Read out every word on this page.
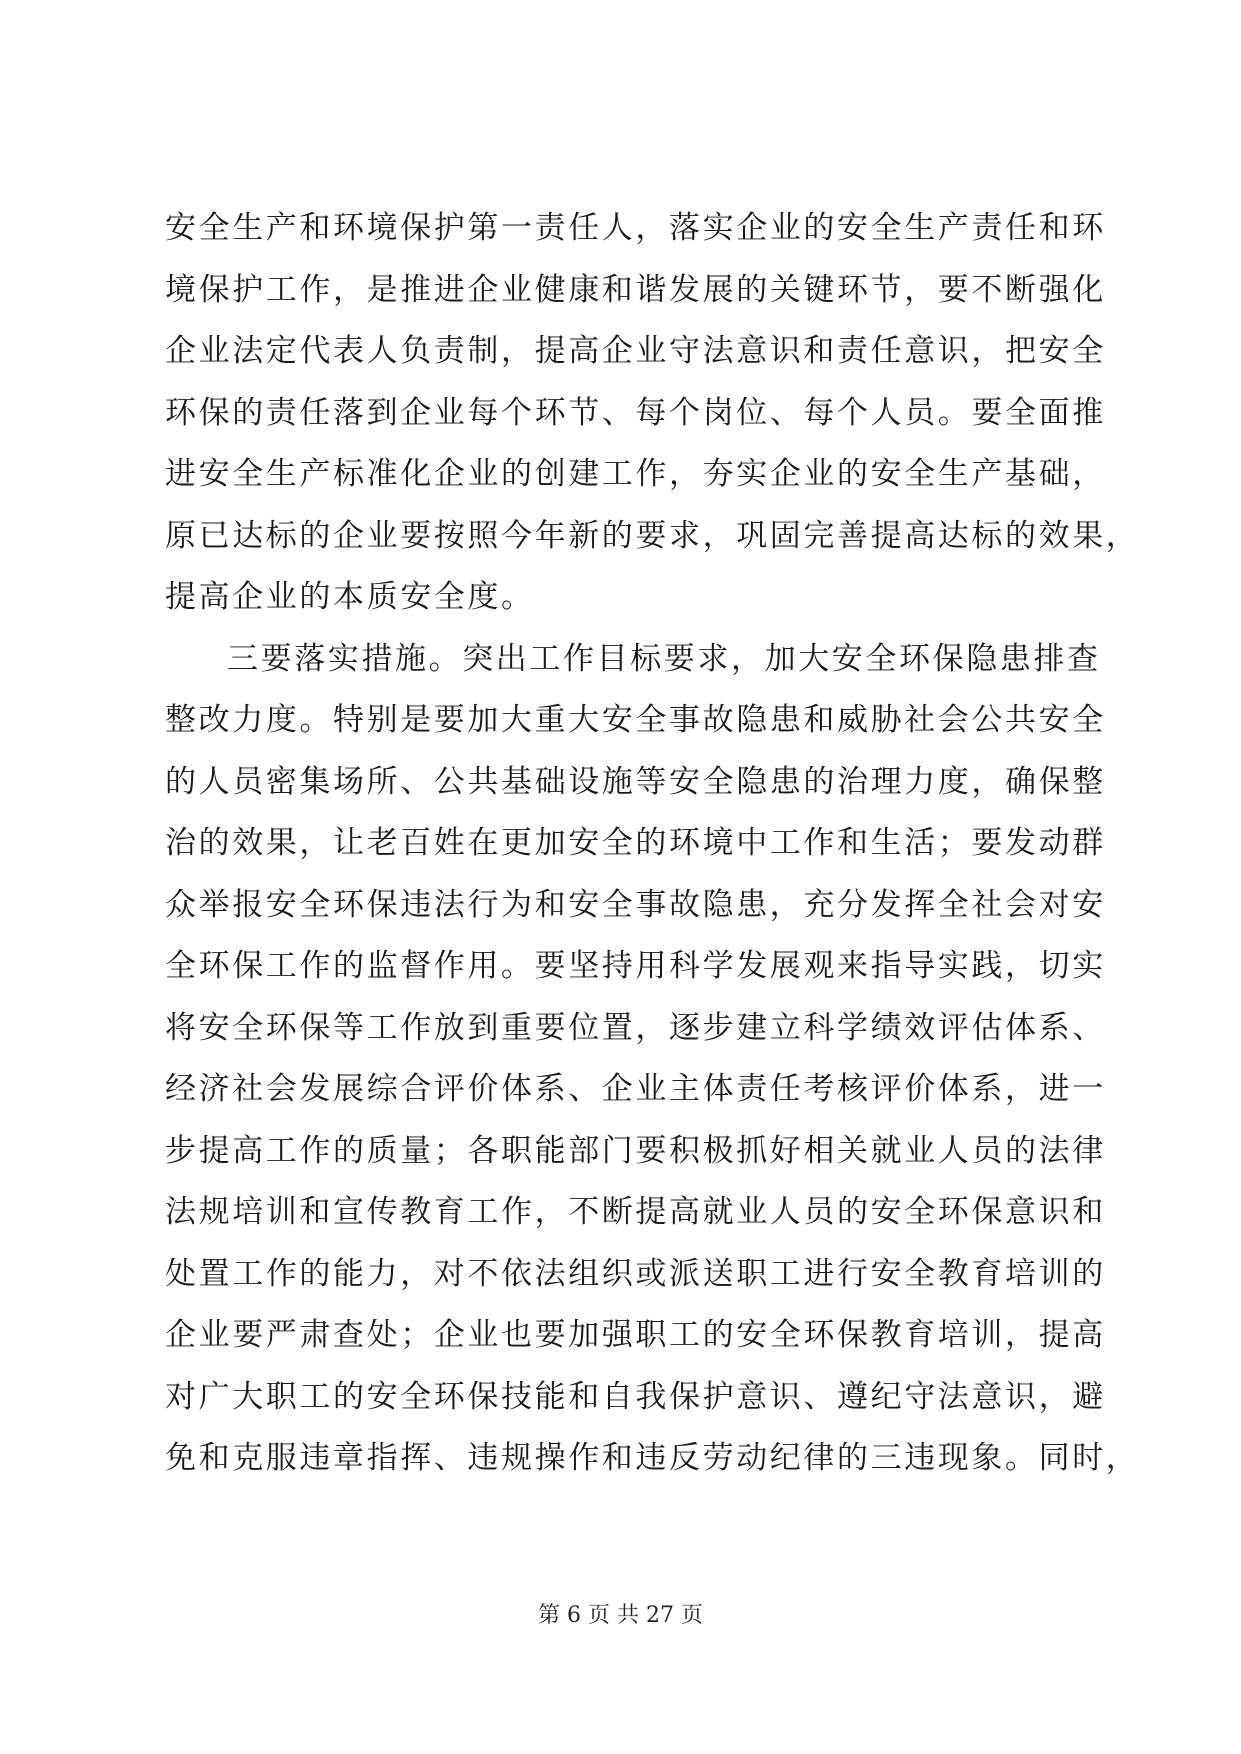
安全生产和环境保护第一责任人，落实企业的安全生产责任和环
境保护工作，是推进企业健康和谐发展的关键环节，要不断强化
企业法定代表人负责制，提高企业守法意识和责任意识，把安全
环保的责任落到企业每个环节、每个岗位、每个人员。要全面推
进安全生产标准化企业的创建工作，夯实企业的安全生产基础，
原已达标的企业要按照今年新的要求，巩固完善提高达标的效果，
提高企业的本质安全度。
三要落实措施。突出工作目标要求，加大安全环保隐患排查
整改力度。特别是要加大重大安全事故隐患和威胁社会公共安全
的人员密集场所、公共基础设施等安全隐患的治理力度，确保整
治的效果，让老百姓在更加安全的环境中工作和生活；要发动群
众举报安全环保违法行为和安全事故隐患，充分发挥全社会对安
全环保工作的监督作用。要坚持用科学发展观来指导实践，切实
将安全环保等工作放到重要位置，逐步建立科学绩效评估体系、
经济社会发展综合评价体系、企业主体责任考核评价体系，进一
步提高工作的质量；各职能部门要积极抓好相关就业人员的法律
法规培训和宣传教育工作，不断提高就业人员的安全环保意识和
处置工作的能力，对不依法组织或派送职工进行安全教育培训的
企业要严肃查处；企业也要加强职工的安全环保教育培训，提高
对广大职工的安全环保技能和自我保护意识、遵纪守法意识，避
免和克服违章指挥、违规操作和违反劳动纪律的三违现象。同时，
第 6 页 共 27 页
